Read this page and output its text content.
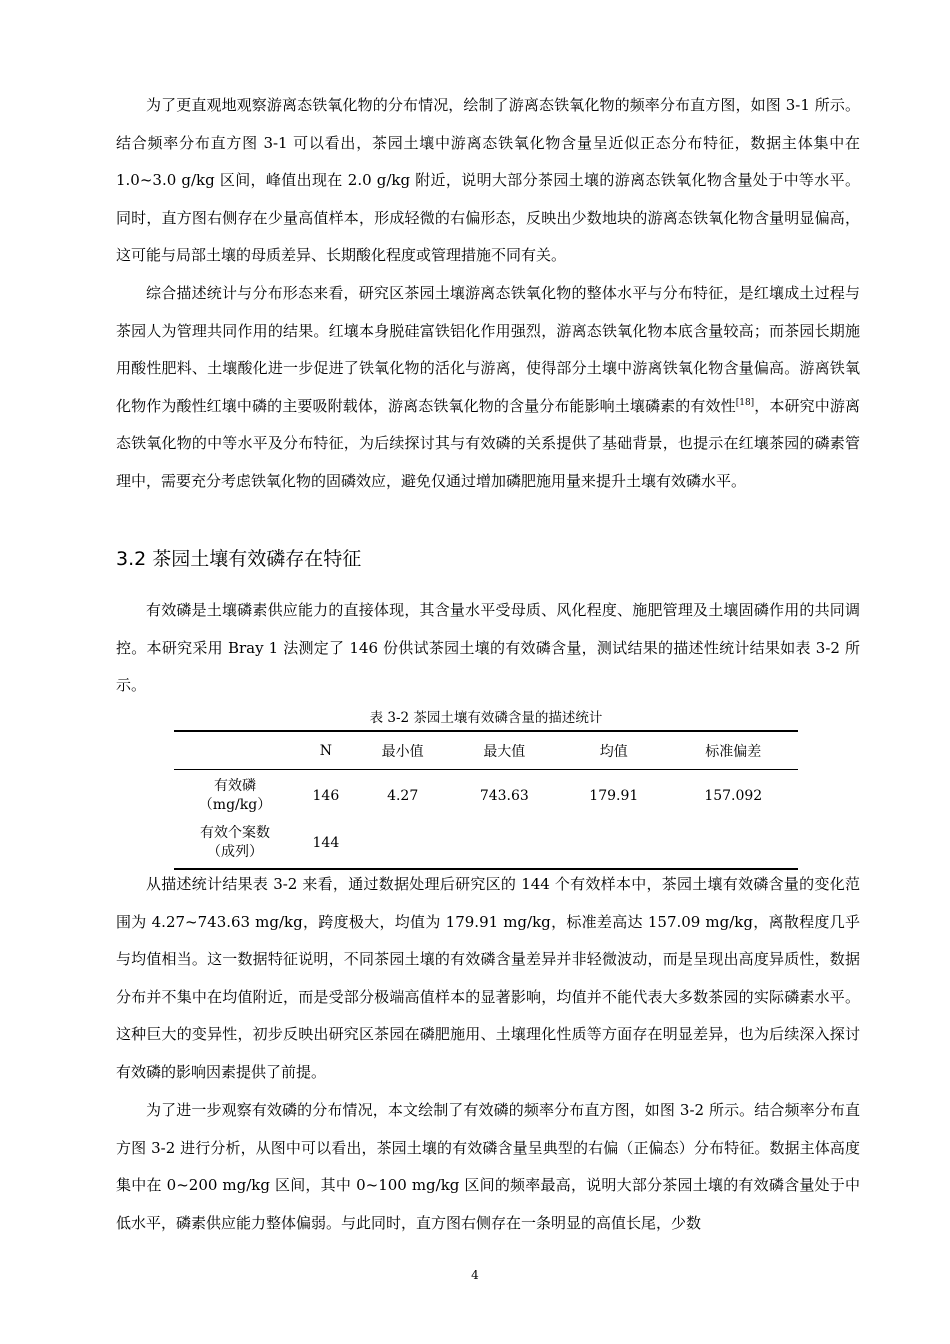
为了更直观地观察游离态铁氧化物的分布情况，绘制了游离态铁氧化物的频率分布直方图，如图 3-1 所示。结合频率分布直方图 3-1 可以看出，茶园土壤中游离态铁氧化物含量呈近似正态分布特征，数据主体集中在 1.0~3.0 g/kg 区间，峰值出现在 2.0 g/kg 附近，说明大部分茶园土壤的游离态铁氧化物含量处于中等水平。同时，直方图右侧存在少量高值样本，形成轻微的右偏形态，反映出少数地块的游离态铁氧化物含量明显偏高，这可能与局部土壤的母质差异、长期酸化程度或管理措施不同有关。

综合描述统计与分布形态来看，研究区茶园土壤游离态铁氧化物的整体水平与分布特征，是红壤成土过程与茶园人为管理共同作用的结果。红壤本身脱硅富铁铝化作用强烈，游离态铁氧化物本底含量较高；而茶园长期施用酸性肥料、土壤酸化进一步促进了铁氧化物的活化与游离，使得部分土壤中游离铁氧化物含量偏高。游离铁氧化物作为酸性红壤中磷的主要吸附载体，游离态铁氧化物的含量分布能影响土壤磷素的有效性[18]，本研究中游离态铁氧化物的中等水平及分布特征，为后续探讨其与有效磷的关系提供了基础背景，也提示在红壤茶园的磷素管理中，需要充分考虑铁氧化物的固磷效应，避免仅通过增加磷肥施用量来提升土壤有效磷水平。

3.2 茶园土壤有效磷存在特征

有效磷是土壤磷素供应能力的直接体现，其含量水平受母质、风化程度、施肥管理及土壤固磷作用的共同调控。本研究采用 Bray 1 法测定了 146 份供试茶园土壤的有效磷含量，测试结果的描述性统计结果如表 3-2 所示。

表 3-2 茶园土壤有效磷含量的描述统计
	N	最小值	最大值	均值	标准偏差
有效磷
（mg/kg）	146	4.27	743.63	179.91	157.092
有效个案数
（成列）	144				

从描述统计结果表 3-2 来看，通过数据处理后研究区的 144 个有效样本中，茶园土壤有效磷含量的变化范围为 4.27~743.63 mg/kg，跨度极大，均值为 179.91 mg/kg，标准差高达 157.09 mg/kg，离散程度几乎与均值相当。这一数据特征说明，不同茶园土壤的有效磷含量差异并非轻微波动，而是呈现出高度异质性，数据分布并不集中在均值附近，而是受部分极端高值样本的显著影响，均值并不能代表大多数茶园的实际磷素水平。这种巨大的变异性，初步反映出研究区茶园在磷肥施用、土壤理化性质等方面存在明显差异，也为后续深入探讨有效磷的影响因素提供了前提。

为了进一步观察有效磷的分布情况，本文绘制了有效磷的频率分布直方图，如图 3-2 所示。结合频率分布直方图 3-2 进行分析，从图中可以看出，茶园土壤的有效磷含量呈典型的右偏（正偏态）分布特征。数据主体高度集中在 0~200 mg/kg 区间，其中 0~100 mg/kg 区间的频率最高，说明大部分茶园土壤的有效磷含量处于中低水平，磷素供应能力整体偏弱。与此同时，直方图右侧存在一条明显的高值长尾，少数

4
